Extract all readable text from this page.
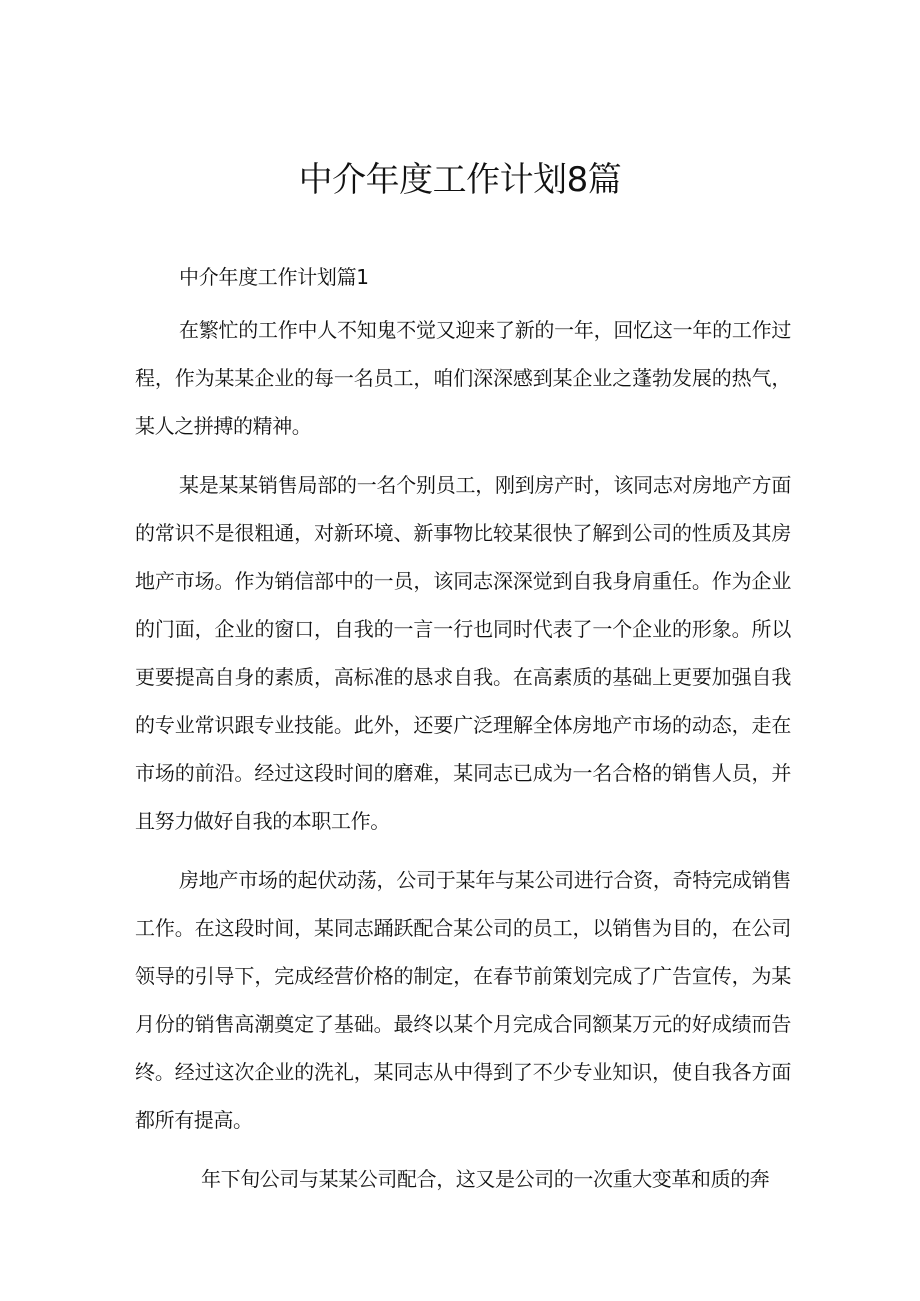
中介年度工作计划8篇

中介年度工作计划篇1

在繁忙的工作中人不知鬼不觉又迎来了新的一年，回忆这一年的工作过程，作为某某企业的每一名员工，咱们深深感到某企业之蓬勃发展的热气，某人之拼搏的精神。

某是某某销售局部的一名个别员工，刚到房产时，该同志对房地产方面的常识不是很粗通，对新环境、新事物比较某很快了解到公司的性质及其房地产市场。作为销信部中的一员，该同志深深觉到自我身肩重任。作为企业的门面，企业的窗口，自我的一言一行也同时代表了一个企业的形象。所以更要提高自身的素质，高标准的恳求自我。在高素质的基础上更要加强自我的专业常识跟专业技能。此外，还要广泛理解全体房地产市场的动态，走在市场的前沿。经过这段时间的磨难，某同志已成为一名合格的销售人员，并且努力做好自我的本职工作。

房地产市场的起伏动荡，公司于某年与某公司进行合资，奇特完成销售工作。在这段时间，某同志踊跃配合某公司的员工，以销售为目的，在公司领导的引导下，完成经营价格的制定，在春节前策划完成了广告宣传，为某月份的销售高潮奠定了基础。最终以某个月完成合同额某万元的好成绩而告终。经过这次企业的洗礼，某同志从中得到了不少专业知识，使自我各方面都所有提高。

年下旬公司与某某公司配合，这又是公司的一次重大变革和质的奔
